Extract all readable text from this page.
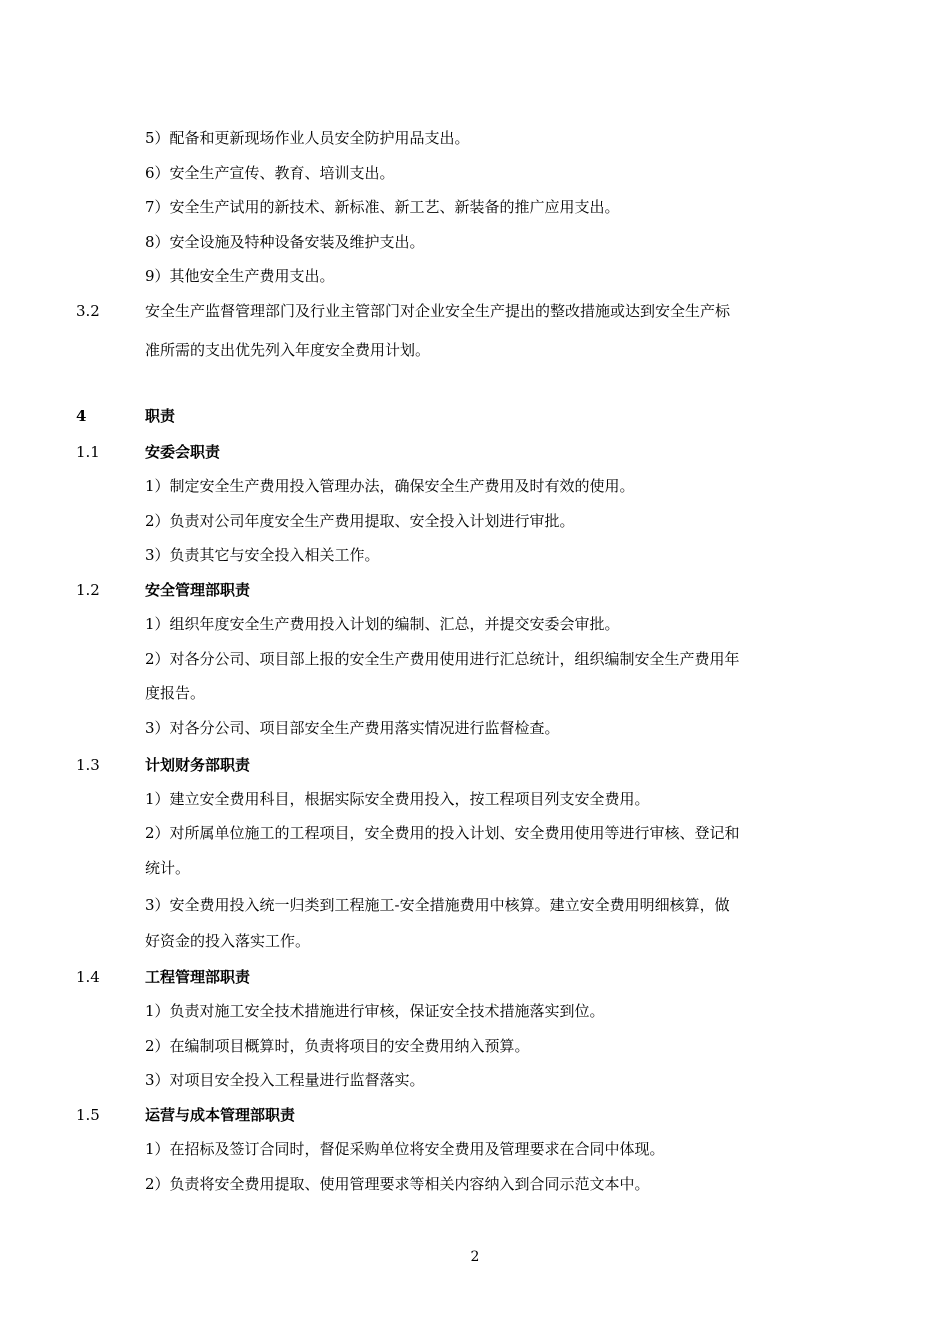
5）配备和更新现场作业人员安全防护用品支出。
6）安全生产宣传、教育、培训支出。
7）安全生产试用的新技术、新标准、新工艺、新装备的推广应用支出。
8）安全设施及特种设备安装及维护支出。
9）其他安全生产费用支出。
3.2	安全生产监督管理部门及行业主管部门对企业安全生产提出的整改措施或达到安全生产标
准所需的支出优先列入年度安全费用计划。
4	职责
1.1	安委会职责
1）制定安全生产费用投入管理办法，确保安全生产费用及时有效的使用。
2）负责对公司年度安全生产费用提取、安全投入计划进行审批。
3）负责其它与安全投入相关工作。
1.2	安全管理部职责
1）组织年度安全生产费用投入计划的编制、汇总，并提交安委会审批。
2）对各分公司、项目部上报的安全生产费用使用进行汇总统计，组织编制安全生产费用年
度报告。
3）对各分公司、项目部安全生产费用落实情况进行监督检查。
1.3	计划财务部职责
1）建立安全费用科目，根据实际安全费用投入，按工程项目列支安全费用。
2）对所属单位施工的工程项目，安全费用的投入计划、安全费用使用等进行审核、登记和
统计。
3）安全费用投入统一归类到工程施工-安全措施费用中核算。建立安全费用明细核算，做
好资金的投入落实工作。
1.4	工程管理部职责
1）负责对施工安全技术措施进行审核，保证安全技术措施落实到位。
2）在编制项目概算时，负责将项目的安全费用纳入预算。
3）对项目安全投入工程量进行监督落实。
1.5	运营与成本管理部职责
1）在招标及签订合同时，督促采购单位将安全费用及管理要求在合同中体现。
2）负责将安全费用提取、使用管理要求等相关内容纳入到合同示范文本中。
2
